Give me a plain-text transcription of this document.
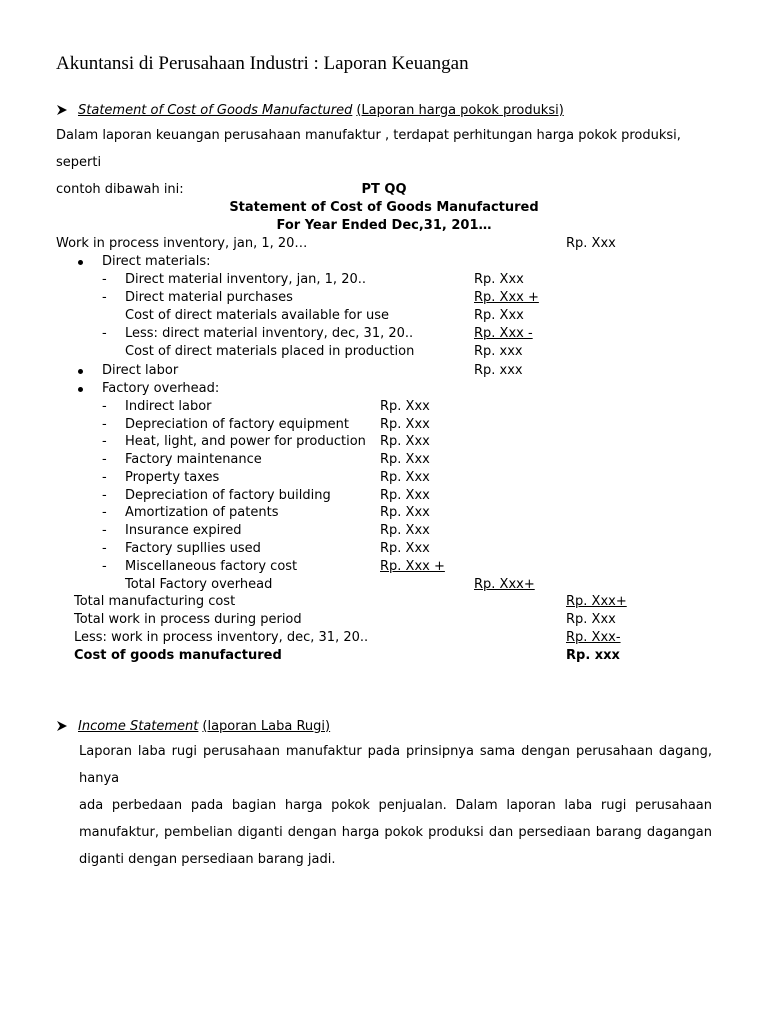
Akuntansi di Perusahaan Industri : Laporan Keuangan
Statement of Cost of Goods Manufactured (Laporan harga pokok produksi)

Dalam laporan keuangan perusahaan manufaktur , terdapat perhitungan harga pokok produksi, seperti
contoh dibawah ini:	PT QQ
Statement of Cost of Goods Manufactured
For Year Ended Dec,31, 201…
Work in process inventory, jan, 1, 20…	Rp. Xxx
Direct materials:
- Direct material inventory, jan, 1, 20..	Rp. Xxx
- Direct material purchases	Rp. Xxx +
Cost of direct materials available for use	Rp. Xxx
- Less: direct material inventory, dec, 31, 20..	Rp. Xxx -
Cost of direct materials placed in production	Rp. xxx
Direct labor	Rp. xxx
Factory overhead:
- Indirect labor	Rp. Xxx
- Depreciation of factory equipment Rp. Xxx
- Heat, light, and power for production Rp. Xxx
- Factory maintenance	Rp. Xxx
- Property taxes	Rp. Xxx
- Depreciation of factory building	Rp. Xxx
- Amortization of patents	Rp. Xxx
- Insurance expired	Rp. Xxx
- Factory supllies used	Rp. Xxx
- Miscellaneous factory cost	Rp. Xxx +
Total Factory overhead	Rp. Xxx+
Total manufacturing cost	Rp. Xxx+
Total work in process during period	Rp. Xxx
Less: work in process inventory, dec, 31, 20..	Rp. Xxx-
Cost of goods manufactured	Rp. xxx
Income Statement (laporan Laba Rugi)
Laporan laba rugi perusahaan manufaktur pada prinsipnya sama dengan perusahaan dagang, hanya
ada perbedaan pada bagian harga pokok penjualan. Dalam laporan laba rugi perusahaan
manufaktur, pembelian diganti dengan harga pokok produksi dan persediaan barang dagangan
diganti dengan persediaan barang jadi.
